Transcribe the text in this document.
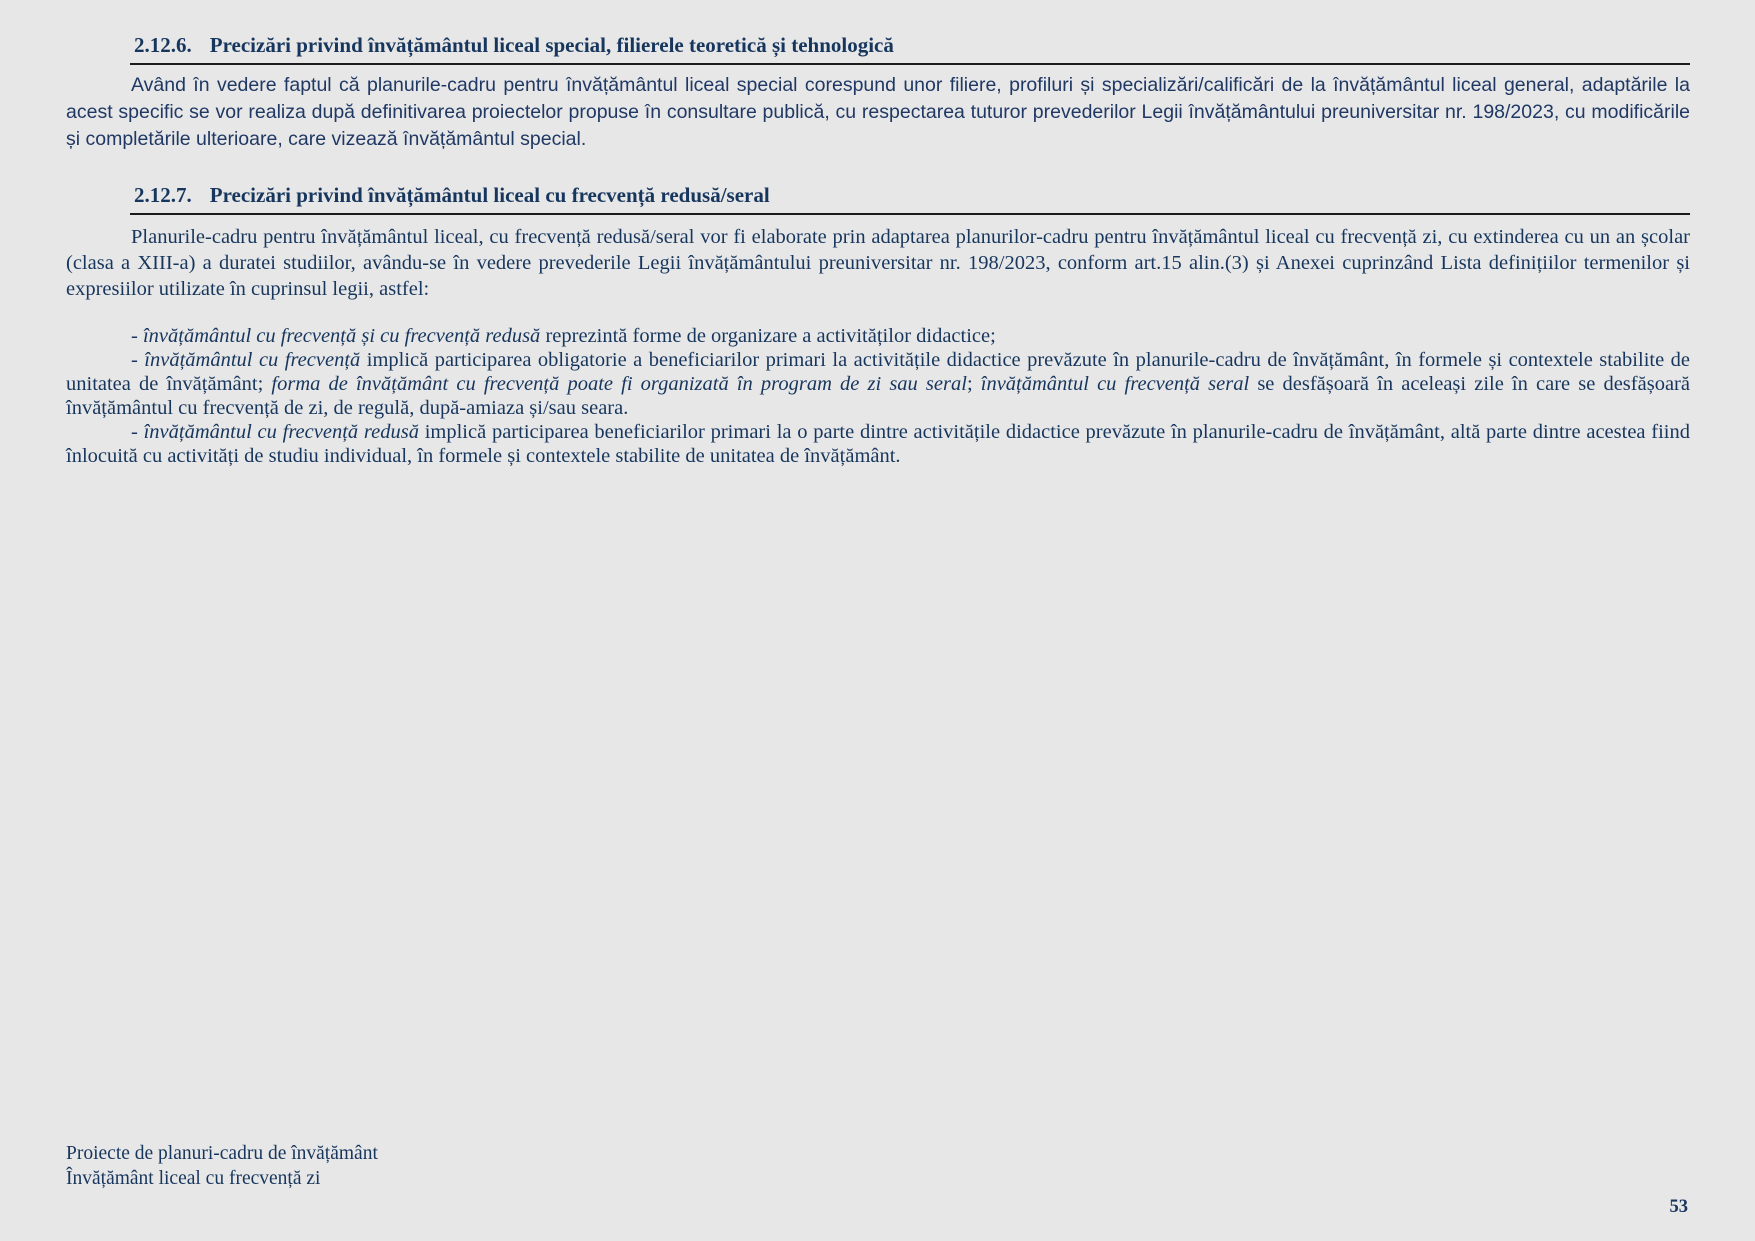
2.12.6. Precizări privind învățământul liceal special, filierele teoretică și tehnologică

Având în vedere faptul că planurile-cadru pentru învățământul liceal special corespund unor filiere, profiluri și specializări/calificări de la învățământul liceal general, adaptările la acest specific se vor realiza după definitivarea proiectelor propuse în consultare publică, cu respectarea tuturor prevederilor Legii învățământului preuniversitar nr. 198/2023, cu modificările și completările ulterioare, care vizează învățământul special.

2.12.7. Precizări privind învățământul liceal cu frecvență redusă/seral

Planurile-cadru pentru învățământul liceal, cu frecvență redusă/seral vor fi elaborate prin adaptarea planurilor-cadru pentru învățământul liceal cu frecvență zi, cu extinderea cu un an școlar (clasa a XIII-a) a duratei studiilor, avându-se în vedere prevederile Legii învățământului preuniversitar nr. 198/2023, conform art.15 alin.(3) și Anexei cuprinzând Lista definițiilor termenilor și expresiilor utilizate în cuprinsul legii, astfel:

- învățământul cu frecvență și cu frecvență redusă reprezintă forme de organizare a activităților didactice;

- învățământul cu frecvență implică participarea obligatorie a beneficiarilor primari la activitățile didactice prevăzute în planurile-cadru de învățământ, în formele și contextele stabilite de unitatea de învățământ; forma de învățământ cu frecvență poate fi organizată în program de zi sau seral; învățământul cu frecvență seral se desfășoară în aceleași zile în care se desfășoară învățământul cu frecvență de zi, de regulă, după-amiaza și/sau seara.

- învățământul cu frecvență redusă implică participarea beneficiarilor primari la o parte dintre activitățile didactice prevăzute în planurile-cadru de învățământ, altă parte dintre acestea fiind înlocuită cu activități de studiu individual, în formele și contextele stabilite de unitatea de învățământ.

Proiecte de planuri-cadru de învățământ
Învățământ liceal cu frecvență zi
53
